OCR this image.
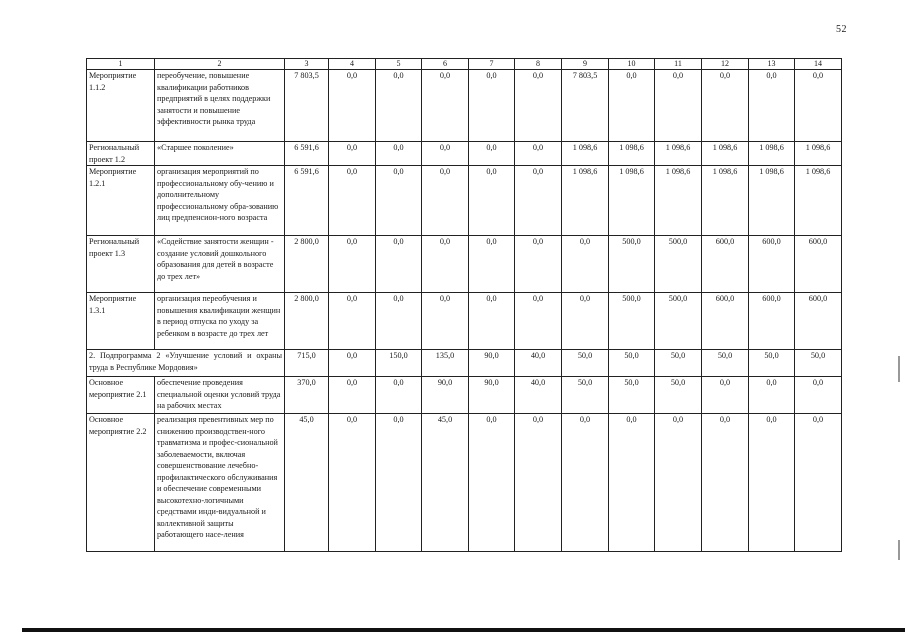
52
1	2	3	4	5	6	7	8	9	10	11	12	13	14
Мероприятие 1.1.2	переобучение, повышение квалификации работников предприятий в целях поддержки занятости и повышение эффективности рынка труда	7 803,5	0,0	0,0	0,0	0,0	0,0	7 803,5	0,0	0,0	0,0	0,0	0,0
Региональный проект 1.2	«Старшее поколение»	6 591,6	0,0	0,0	0,0	0,0	0,0	1 098,6	1 098,6	1 098,6	1 098,6	1 098,6	1 098,6
Мероприятие 1.2.1	организация мероприятий по профессиональному обу-чению и дополнительному профессиональному обра-зованию лиц предпенсион-ного возраста	6 591,6	0,0	0,0	0,0	0,0	0,0	1 098,6	1 098,6	1 098,6	1 098,6	1 098,6	1 098,6
Региональный проект 1.3	«Содействие занятости женщин - создание условий дошкольного образования для детей в возрасте до трех лет»	2 800,0	0,0	0,0	0,0	0,0	0,0	0,0	500,0	500,0	600,0	600,0	600,0
Мероприятие 1.3.1	организация переобучения и повышения квалификации женщин в период отпуска по уходу за ребенком в возрасте до трех лет	2 800,0	0,0	0,0	0,0	0,0	0,0	0,0	500,0	500,0	600,0	600,0	600,0
2. Подпрограмма 2 «Улучшение условий и охраны труда в Республике Мордовия»		715,0	0,0	150,0	135,0	90,0	40,0	50,0	50,0	50,0	50,0	50,0	50,0
Основное мероприятие 2.1	обеспечение проведения специальной оценки условий труда на рабочих местах	370,0	0,0	0,0	90,0	90,0	40,0	50,0	50,0	50,0	0,0	0,0	0,0
Основное мероприятие 2.2	реализация превентивных мер по снижению производствен-ного травматизма и профес-сиональной заболеваемости, включая совершенствование лечебно-профилактического обслуживания и обеспечение современными высокотехно-логичными средствами инди-видуальной и коллективной защиты работающего насе-ления	45,0	0,0	0,0	45,0	0,0	0,0	0,0	0,0	0,0	0,0	0,0	0,0
